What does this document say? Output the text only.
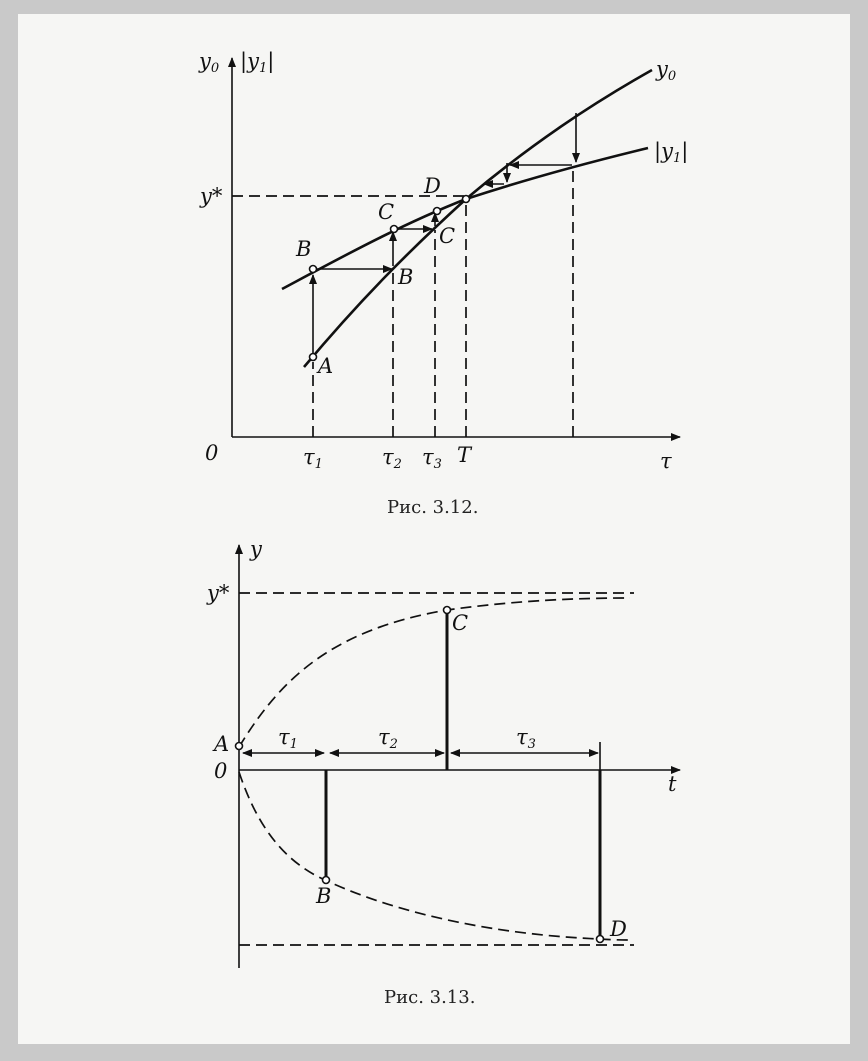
y0 |y1|
y*
0	τ
y0
|y1|
τ1	τ2 τ3 T
A
B
B
C
C
D
Рис. 3.12.
y
t
y*
A
0
B
C
D
τ1	τ2	τ3
Рис. 3.13.
